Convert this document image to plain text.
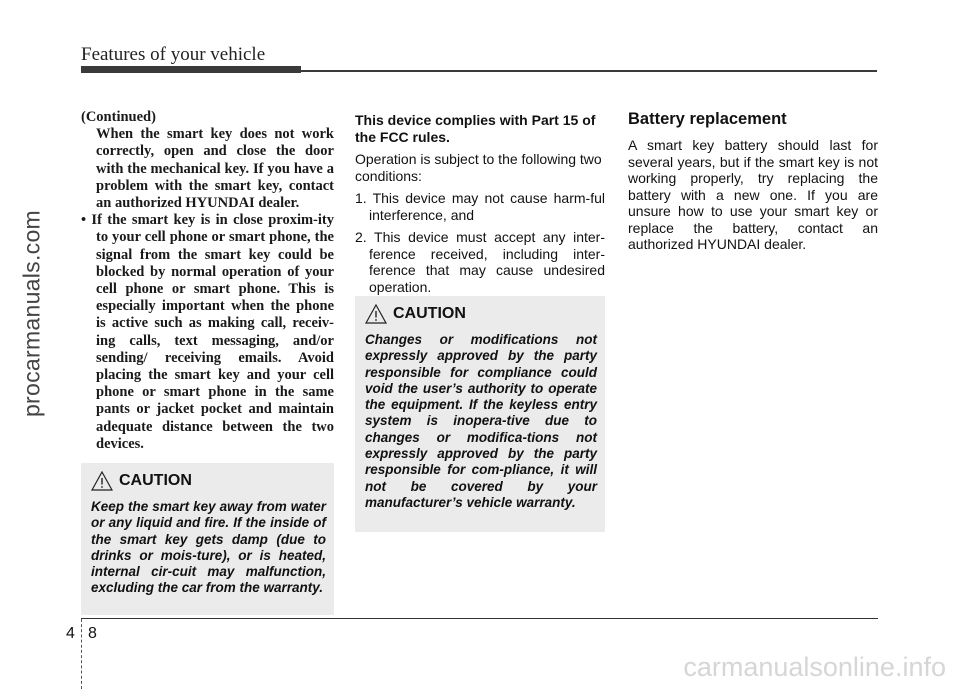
Features of your vehicle
procarmanuals.com
carmanualsonline.info
(Continued)
When the smart key does not work correctly, open and close the door with the mechanical key. If you have a problem with the smart key, contact an authorized HYUNDAI dealer.
• If the smart key is in close proxim-ity to your cell phone or smart phone, the signal from the smart key could be blocked by normal operation of your cell phone or smart phone. This is especially important when the phone is active such as making call, receiv-ing calls, text messaging, and/or sending/ receiving emails. Avoid placing the smart key and your cell phone or smart phone in the same pants or jacket pocket and maintain adequate distance between the two devices.
CAUTION
Keep the smart key away from water or any liquid and fire. If the inside of the smart key gets damp (due to drinks or mois-ture), or is heated, internal cir-cuit may malfunction, excluding the car from the warranty.

This device complies with Part 15 of the FCC rules.

Operation is subject to the following two conditions:

1. This device may not cause harm-ful interference, and

2. This device must accept any inter-ference received, including inter-ference that may cause undesired operation.

CAUTION
Changes or modifications not expressly approved by the party responsible for compliance could void the user’s authority to operate the equipment. If the keyless entry system is inopera-tive due to changes or modifica-tions not expressly approved by the party responsible for com-pliance, it will not be covered by your manufacturer’s vehicle warranty.
Battery replacement

A smart key battery should last for several years, but if the smart key is not working properly, try replacing the battery with a new one. If you are unsure how to use your smart key or replace the battery, contact an authorized HYUNDAI dealer.

4 8
